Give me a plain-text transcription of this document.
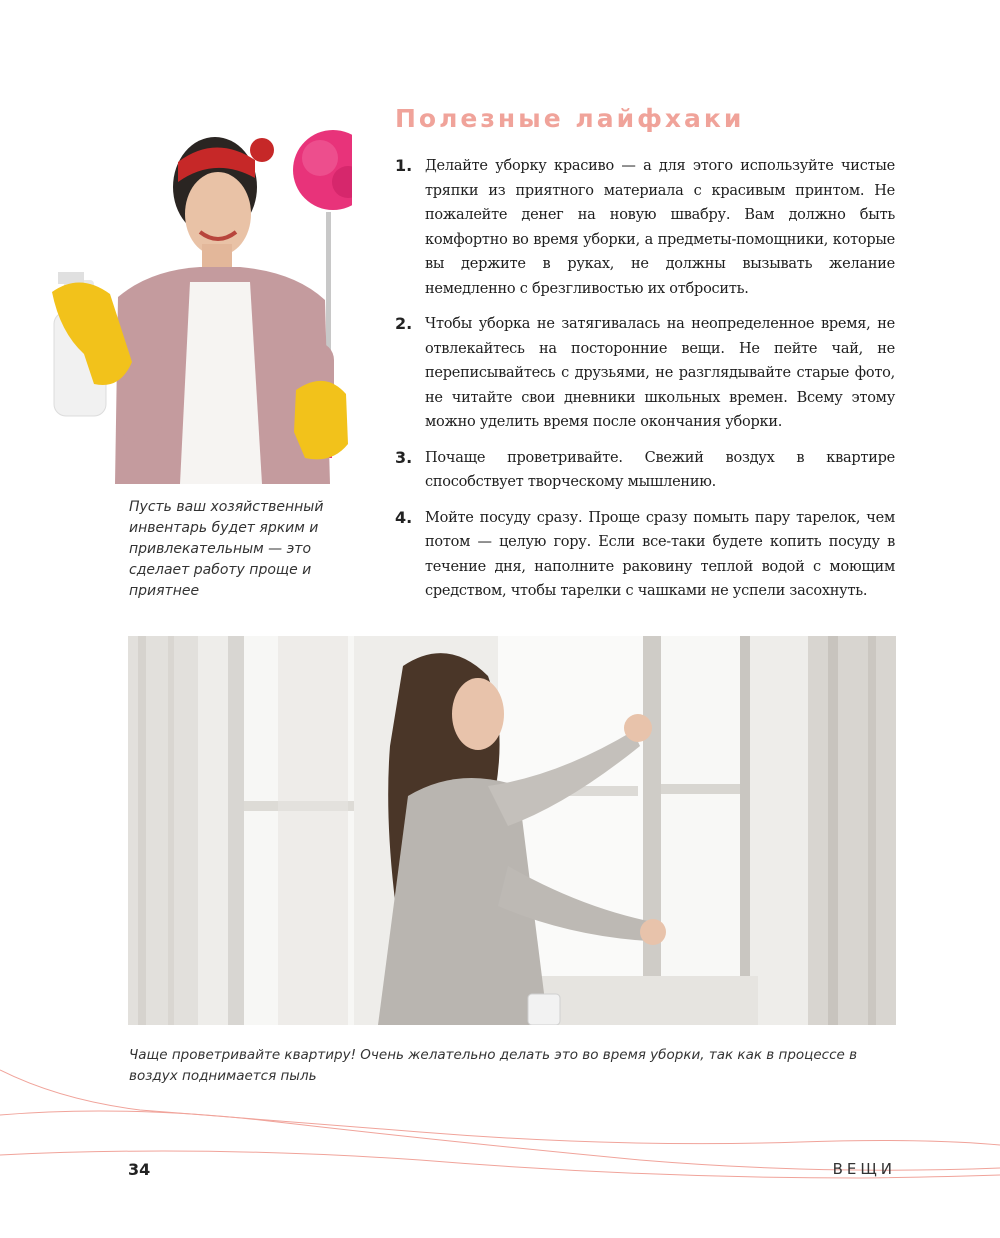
Пусть ваш хозяйственный инвентарь будет ярким и привлекательным — это сделает работу проще и приятнее

Полезные лайфхаки
1. Делайте уборку красиво — а для этого используйте чистые тряпки из приятного материала с красивым принтом. Не пожалейте денег на новую швабру. Вам должно быть комфортно во время уборки, а предметы-помощники, которые вы держите в руках, не должны вызывать желание немедленно с брезгливостью их отбросить.

2. Чтобы уборка не затягивалась на неопределенное время, не отвлекайтесь на посторонние вещи. Не пейте чай, не переписывайтесь с друзьями, не разглядывайте старые фото, не читайте свои дневники школьных времен. Всему этому можно уделить время после окончания уборки.

3. Почаще проветривайте. Свежий воздух в квартире способствует творческому мышлению.

4. Мойте посуду сразу. Проще сразу помыть пару тарелок, чем потом — целую гору. Если все-таки будете копить посуду в течение дня, наполните раковину теплой водой с моющим средством, чтобы тарелки с чашками не успели засохнуть.

Чаще проветривайте квартиру! Очень желательно делать это во время уборки, так как в процессе в воздух поднимается пыль

34	ВЕЩИ
